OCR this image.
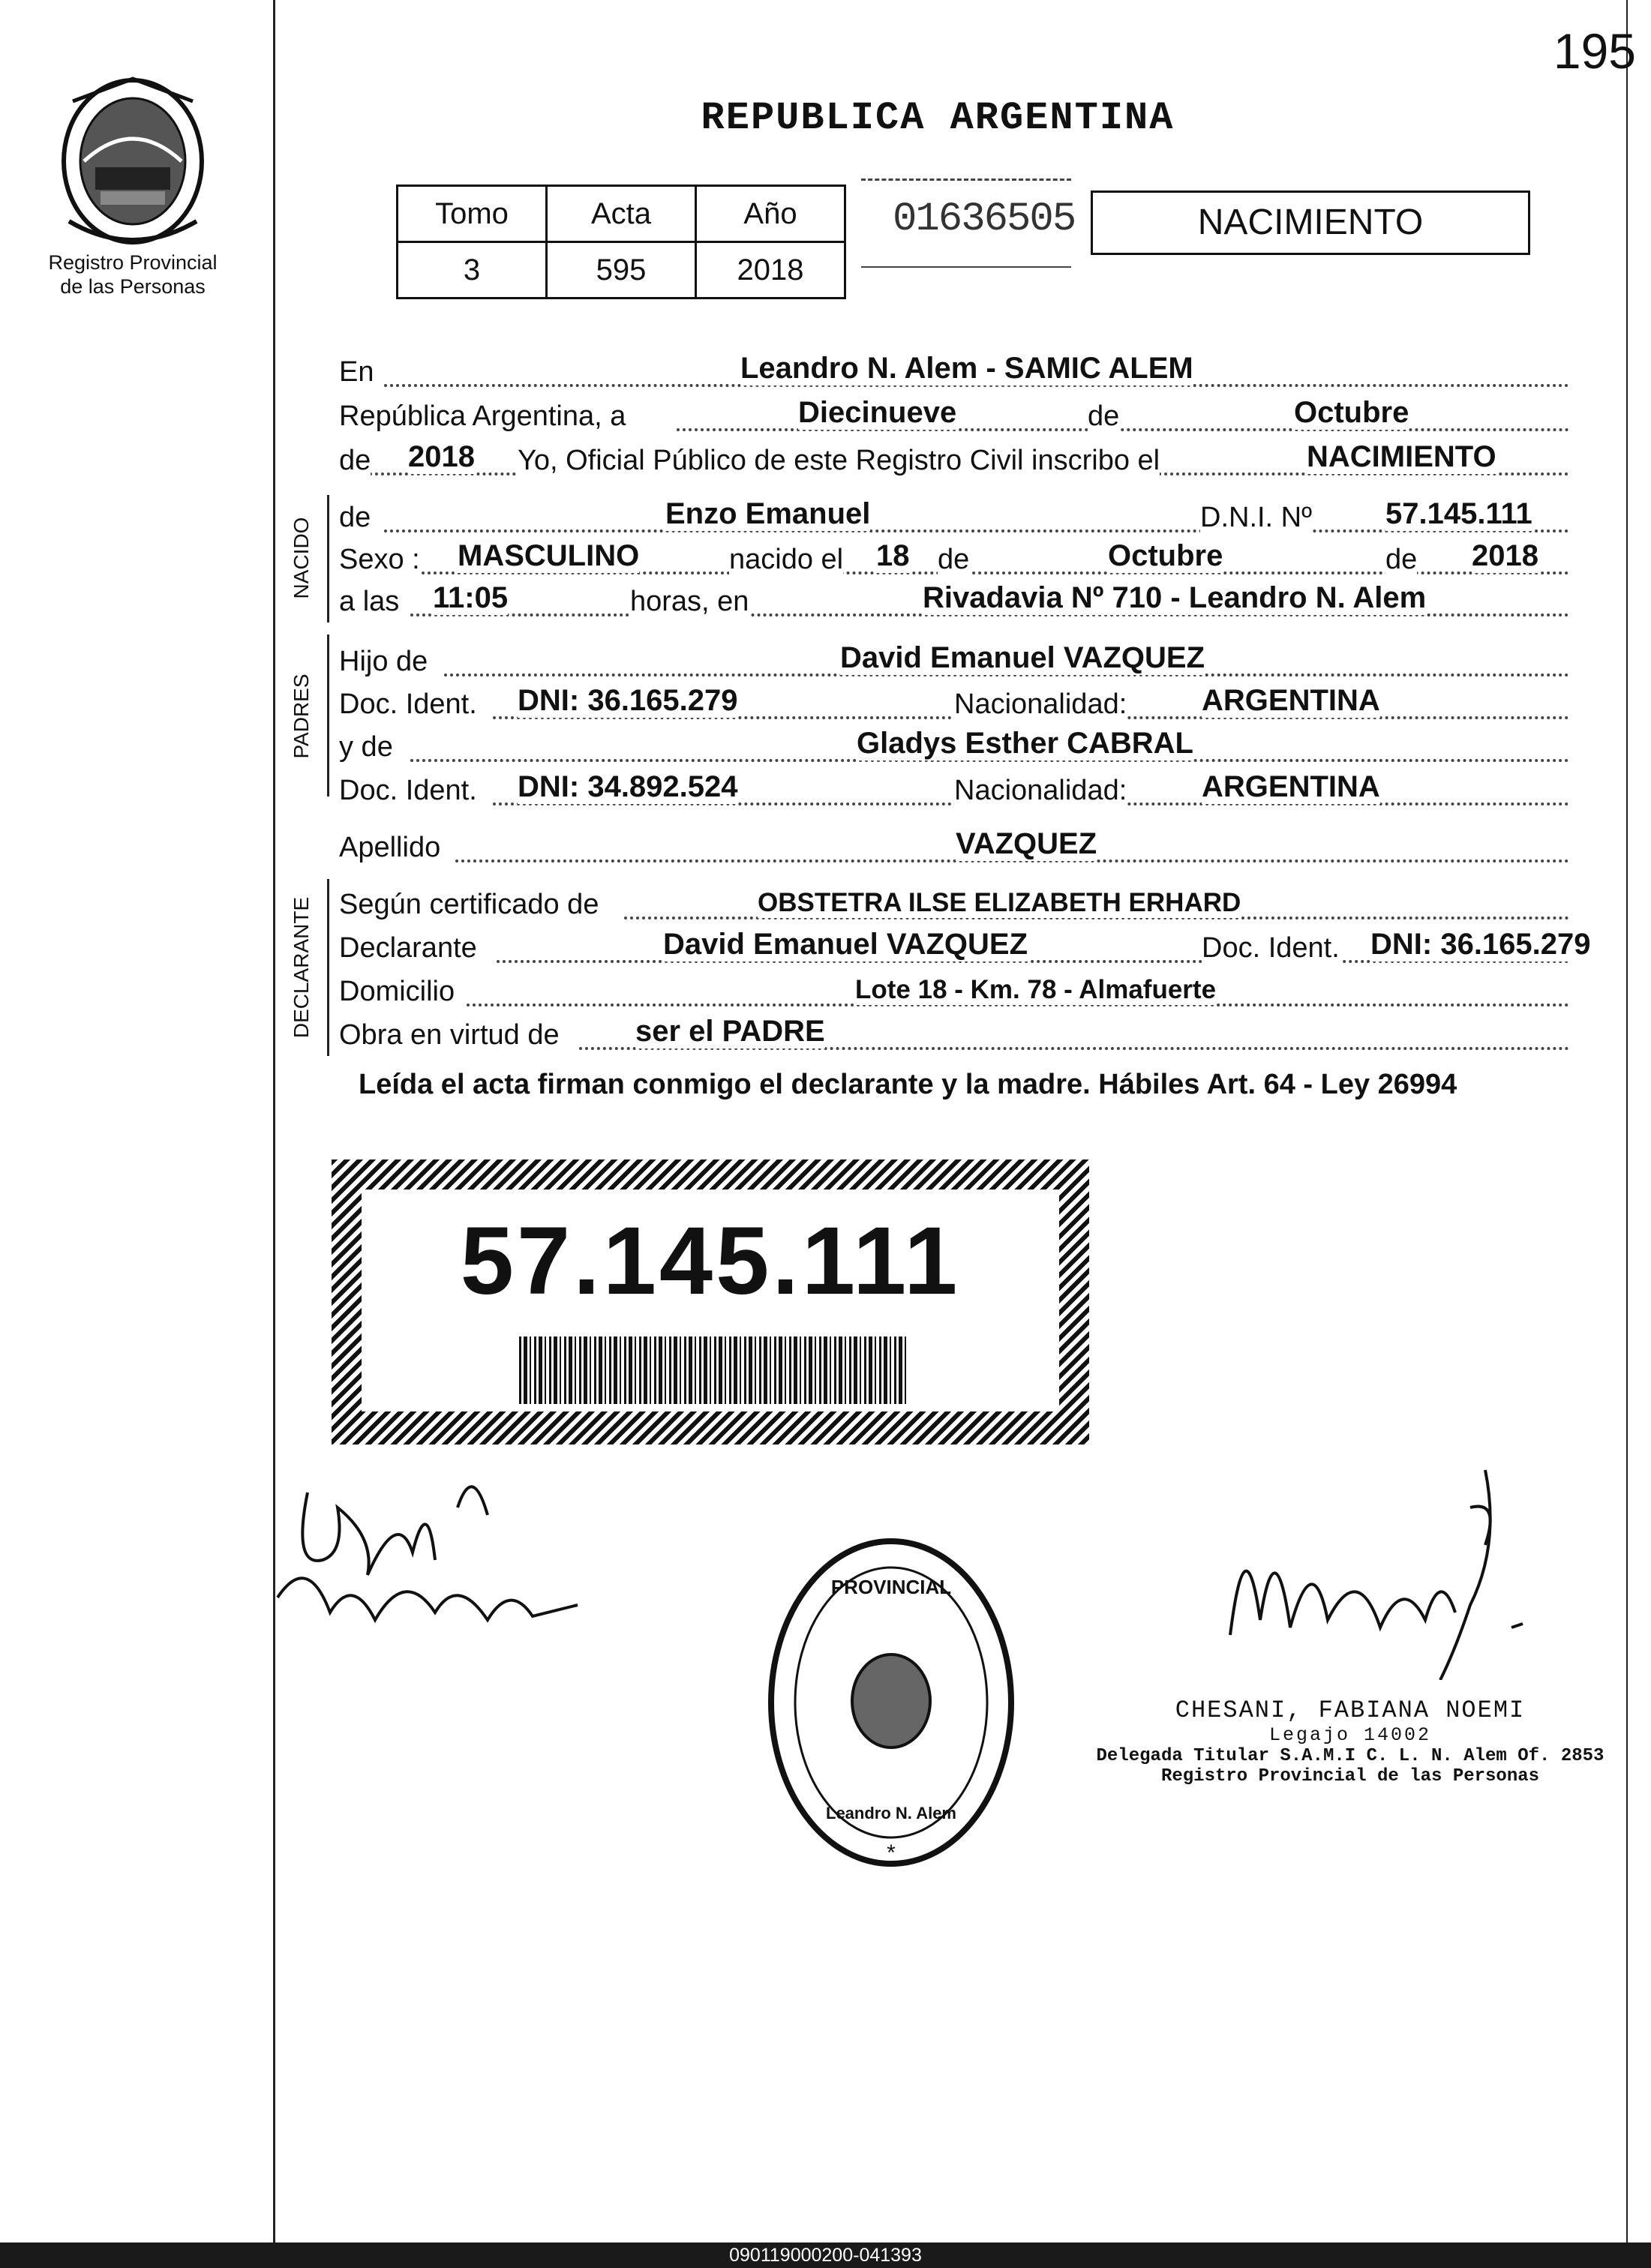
195
Registro Provincial
de las Personas
REPUBLICA ARGENTINA
Tomo	Acta	Año
3	595	2018
01636505	NACIMIENTO
En	Leandro N. Alem - SAMIC ALEM
República Argentina, a	Diecinueve	de	Octubre
de 2018 Yo, Oficial Público de este Registro Civil inscribo el	NACIMIENTO
NACIDO de	Enzo Emanuel	D.N.I. Nº 57.145.111
Sexo : MASCULINO	nacido el 18 de	Octubre	de 2018
a las 11:05	horas, en	Rivadavia Nº 710 - Leandro N. Alem
PADRES
Hijo de	David Emanuel VAZQUEZ
Doc. Ident. DNI: 36.165.279	Nacionalidad: ARGENTINA
y de	Gladys Esther CABRAL
Doc. Ident. DNI: 34.892.524	Nacionalidad: ARGENTINA
Apellido	VAZQUEZ
DECLARANTE Según certificado de	OBSTETRA ILSE ELIZABETH ERHARD
Declarante	David Emanuel VAZQUEZ	Doc. Ident. DNI: 36.165.279
Domicilio	Lote 18 - Km. 78 - Almafuerte
Obra en virtud de	ser el PADRE
Leída el acta firman conmigo el declarante y la madre. Hábiles Art. 64 - Ley 26994
57.145.111
PROVINCIAL
Leandro N. Alem
*
CHESANI, FABIANA NOEMI
Legajo 14002
Delegada Titular S.A.M.I C. L. N. Alem Of. 2853
Registro Provincial de las Personas
090119000200-041393
